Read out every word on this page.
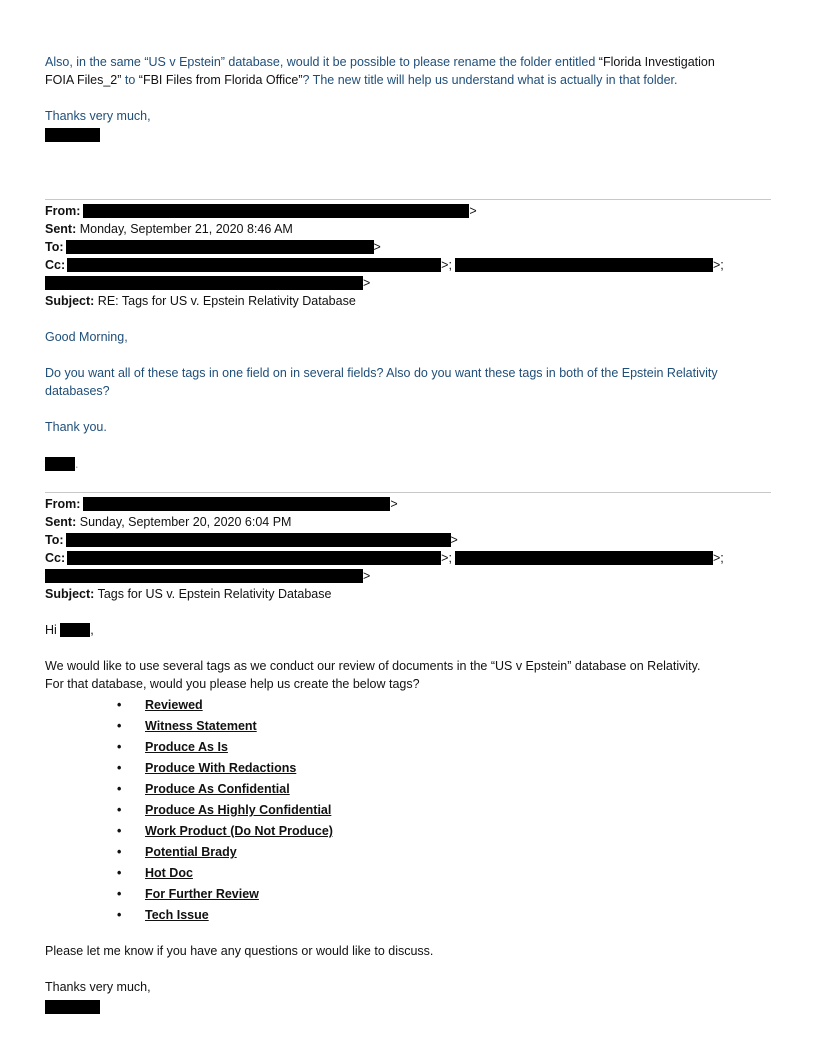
Also, in the same “US v Epstein” database, would it be possible to please rename the folder entitled “Florida Investigation
FOIA Files_2” to “FBI Files from Florida Office”? The new title will help us understand what is actually in that folder.
Thanks very much,
From:	>
Sent: Monday, September 21, 2020 8:46 AM
To:	>
Cc:	>;	>;
>
Subject: RE: Tags for US v. Epstein Relativity Database
Good Morning,
Do you want all of these tags in one field on in several fields? Also do you want these tags in both of the Epstein Relativity
databases?
Thank you.
.
From:	>
Sent: Sunday, September 20, 2020 6:04 PM
To:	>
Cc:	>;	>;
>
Subject: Tags for US v. Epstein Relativity Database
Hi	,
We would like to use several tags as we conduct our review of documents in the “US v Epstein” database on Relativity.
For that database, would you please help us create the below tags?
• Reviewed
• Witness Statement
• Produce As Is
• Produce With Redactions
• Produce As Confidential
• Produce As Highly Confidential
• Work Product (Do Not Produce)
• Potential Brady
• Hot Doc
• For Further Review
• Tech Issue
Please let me know if you have any questions or would like to discuss.
Thanks very much,
